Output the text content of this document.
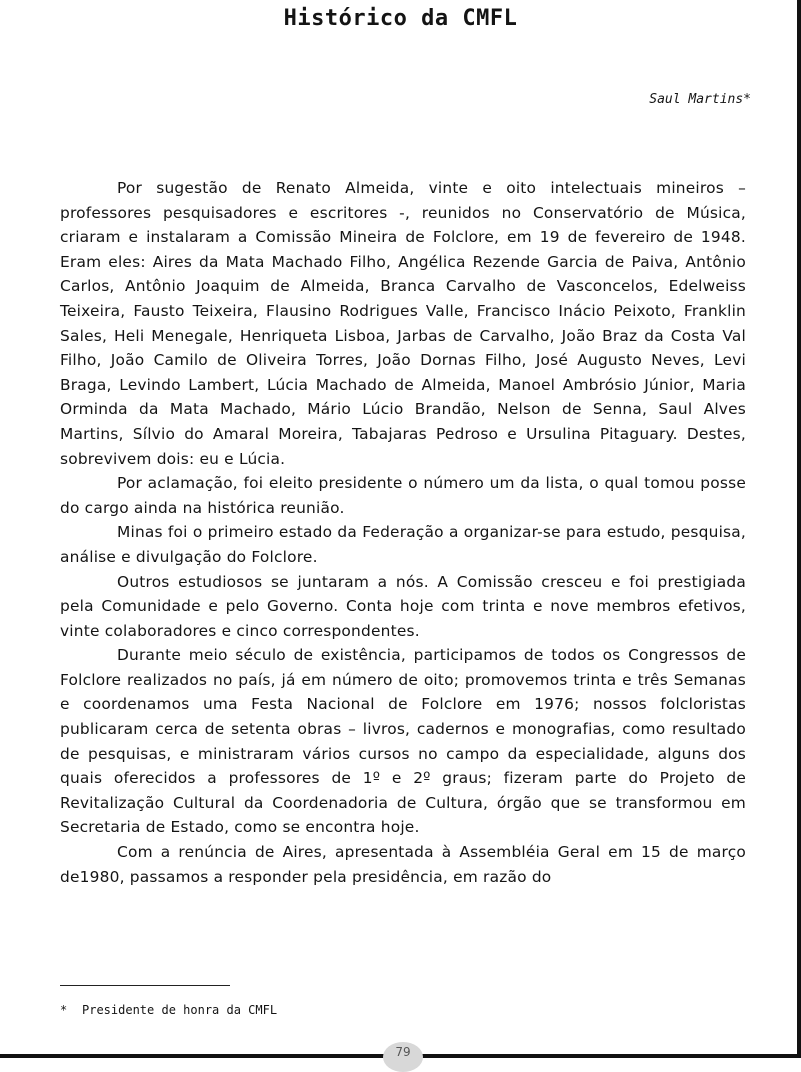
Histórico da CMFL
Saul Martins*

Por sugestão de Renato Almeida, vinte e oito intelectuais mineiros – professores pesquisadores e escritores -, reunidos no Conservatório de Música, criaram e instalaram a Comissão Mineira de Folclore, em 19 de fevereiro de 1948. Eram eles: Aires da Mata Machado Filho, Angélica Rezende Garcia de Paiva, Antônio Carlos, Antônio Joaquim de Almeida, Branca Carvalho de Vasconcelos, Edelweiss Teixeira, Fausto Teixeira, Flausino Rodrigues Valle, Francisco Inácio Peixoto, Franklin Sales, Heli Menegale, Henriqueta Lisboa, Jarbas de Carvalho, João Braz da Costa Val Filho, João Camilo de Oliveira Torres, João Dornas Filho, José Augusto Neves, Levi Braga, Levindo Lambert, Lúcia Machado de Almeida, Manoel Ambrósio Júnior, Maria Orminda da Mata Machado, Mário Lúcio Brandão, Nelson de Senna, Saul Alves Martins, Sílvio do Amaral Moreira, Tabajaras Pedroso e Ursulina Pitaguary. Destes, sobrevivem dois: eu e Lúcia.

Por aclamação, foi eleito presidente o número um da lista, o qual tomou posse do cargo ainda na histórica reunião.

Minas foi o primeiro estado da Federação a organizar-se para estudo, pesquisa, análise e divulgação do Folclore.

Outros estudiosos se juntaram a nós. A Comissão cresceu e foi prestigiada pela Comunidade e pelo Governo. Conta hoje com trinta e nove membros efetivos, vinte colaboradores e cinco correspondentes.

Durante meio século de existência, participamos de todos os Congressos de Folclore realizados no país, já em número de oito; promovemos trinta e três Semanas e coordenamos uma Festa Nacional de Folclore em 1976; nossos folcloristas publicaram cerca de setenta obras – livros, cadernos e monografias, como resultado de pesquisas, e ministraram vários cursos no campo da especialidade, alguns dos quais oferecidos a professores de 1º e 2º graus; fizeram parte do Projeto de Revitalização Cultural da Coordenadoria de Cultura, órgão que se transformou em Secretaria de Estado, como se encontra hoje.

Com a renúncia de Aires, apresentada à Assembléia Geral em 15 de março de1980, passamos a responder pela presidência, em razão do

* Presidente de honra da CMFL
79
